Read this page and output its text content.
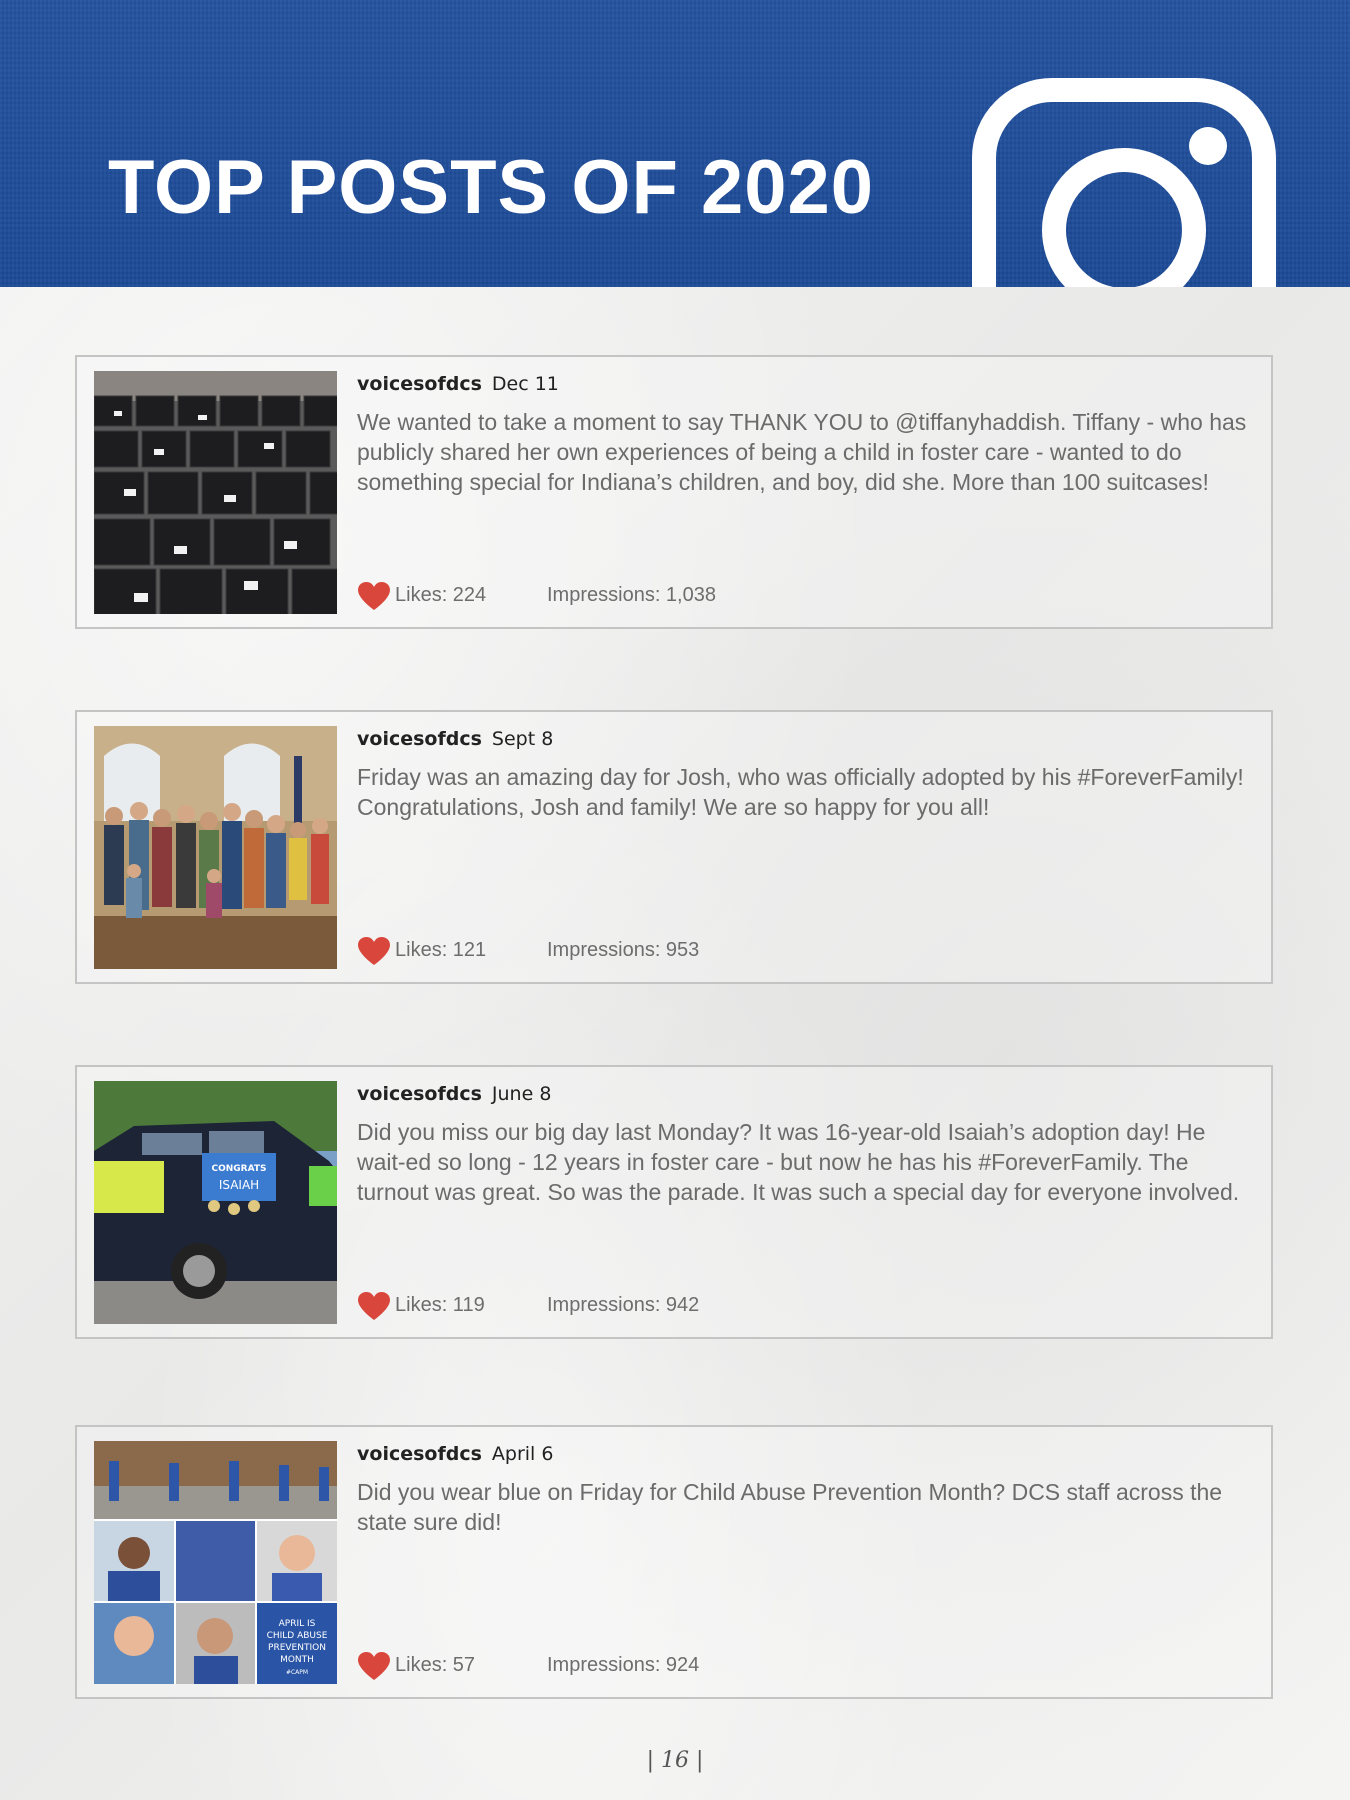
TOP POSTS OF 2020
voicesofdcs Dec 11
We wanted to take a moment to say THANK YOU to @tiffanyhaddish. Tiffany - who has publicly shared her own experiences of being a child in foster care - wanted to do something special for Indiana’s children, and boy, did she. More than 100 suitcases!
Likes: 224	Impressions: 1,038
voicesofdcs Sept 8
Friday was an amazing day for Josh, who was officially adopted by his #ForeverFamily! Congratulations, Josh and family! We are so happy for you all!
Likes: 121	Impressions: 953
CONGRATS
ISAIAH
voicesofdcs June 8
Did you miss our big day last Monday? It was 16-year-old Isaiah’s adoption day! He wait-ed so long - 12 years in foster care - but now he has his #ForeverFamily. The turnout was great. So was the parade. It was such a special day for everyone involved.
Likes: 119	Impressions: 942
APRIL IS
CHILD ABUSE
PREVENTION
MONTH
#CAPM
voicesofdcs April 6
Did you wear blue on Friday for Child Abuse Prevention Month? DCS staff across the state sure did!
Likes: 57	Impressions: 924
| 16 |
